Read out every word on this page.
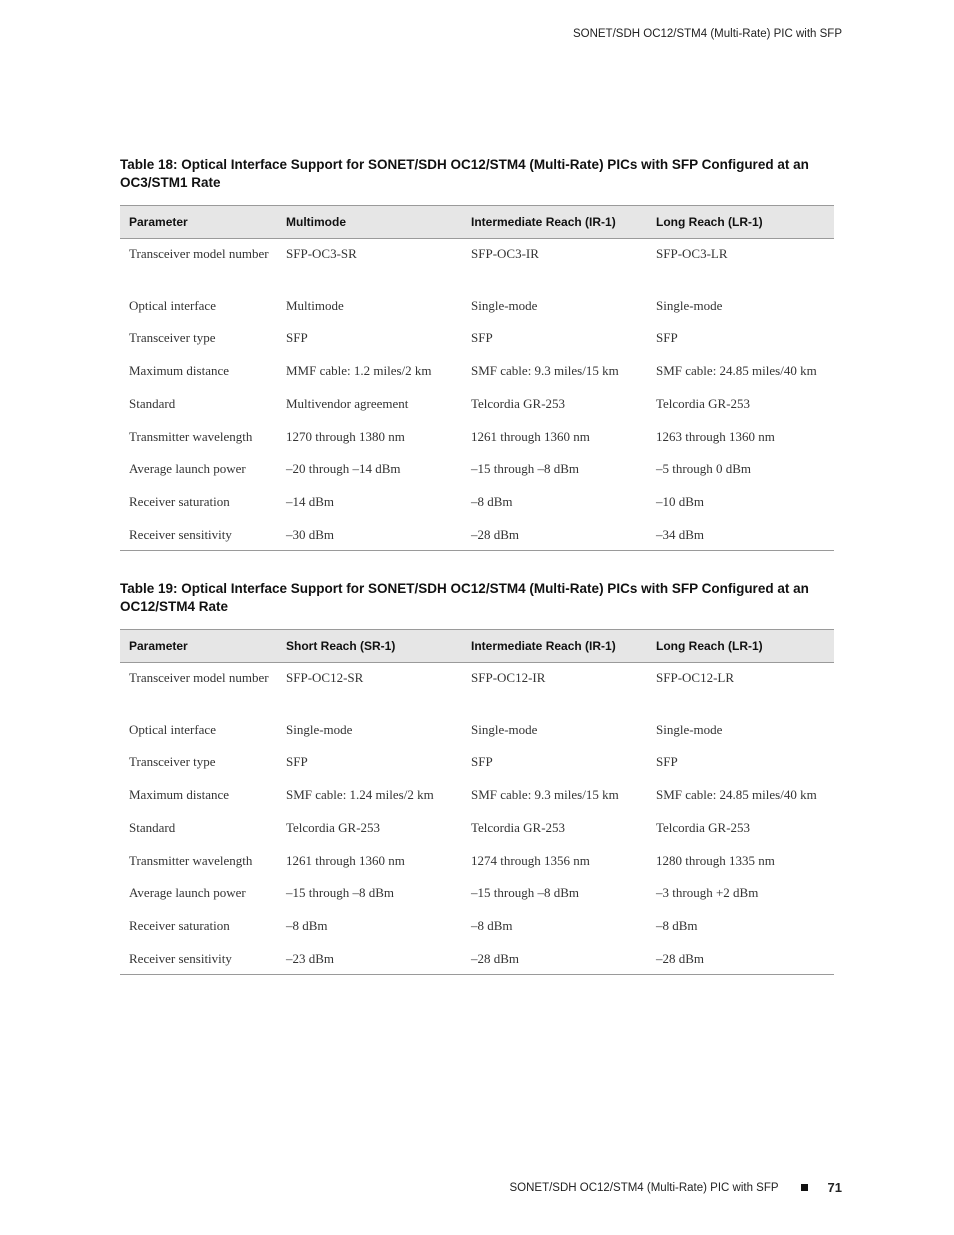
SONET/SDH OC12/STM4 (Multi-Rate) PIC with SFP
Table 18: Optical Interface Support for SONET/SDH OC12/STM4 (Multi-Rate) PICs with SFP Configured at an OC3/STM1 Rate
Parameter	Multimode	Intermediate Reach (IR-1)	Long Reach (LR-1)
Transceiver model number	SFP-OC3-SR	SFP-OC3-IR	SFP-OC3-LR
Optical interface	Multimode	Single-mode	Single-mode
Transceiver type	SFP	SFP	SFP
Maximum distance	MMF cable: 1.2 miles/2 km	SMF cable: 9.3 miles/15 km	SMF cable: 24.85 miles/40 km
Standard	Multivendor agreement	Telcordia GR-253	Telcordia GR-253
Transmitter wavelength	1270 through 1380 nm	1261 through 1360 nm	1263 through 1360 nm
Average launch power	–20 through –14 dBm	–15 through –8 dBm	–5 through 0 dBm
Receiver saturation	–14 dBm	–8 dBm	–10 dBm
Receiver sensitivity	–30 dBm	–28 dBm	–34 dBm
Table 19: Optical Interface Support for SONET/SDH OC12/STM4 (Multi-Rate) PICs with SFP Configured at an OC12/STM4 Rate
Parameter	Short Reach (SR-1)	Intermediate Reach (IR-1)	Long Reach (LR-1)
Transceiver model number	SFP-OC12-SR	SFP-OC12-IR	SFP-OC12-LR
Optical interface	Single-mode	Single-mode	Single-mode
Transceiver type	SFP	SFP	SFP
Maximum distance	SMF cable: 1.24 miles/2 km	SMF cable: 9.3 miles/15 km	SMF cable: 24.85 miles/40 km
Standard	Telcordia GR-253	Telcordia GR-253	Telcordia GR-253
Transmitter wavelength	1261 through 1360 nm	1274 through 1356 nm	1280 through 1335 nm
Average launch power	–15 through –8 dBm	–15 through –8 dBm	–3 through +2 dBm
Receiver saturation	–8 dBm	–8 dBm	–8 dBm
Receiver sensitivity	–23 dBm	–28 dBm	–28 dBm
SONET/SDH OC12/STM4 (Multi-Rate) PIC with SFP	71
